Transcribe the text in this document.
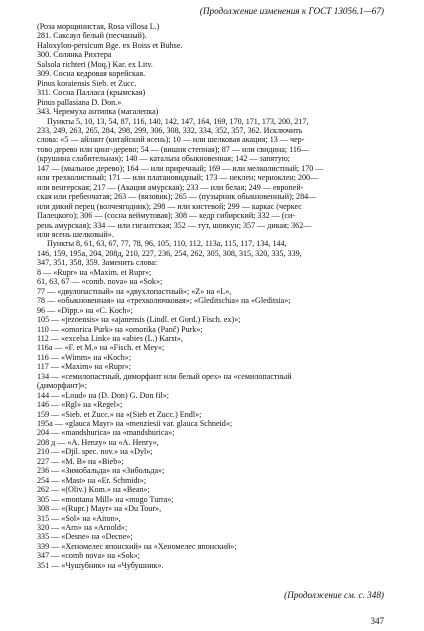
(Продолжение изменения к ГОСТ 13056.1—67)
(Роза морщинистая, Rosa villosa L.)
281. Саксаул белый (песчаный).
Haloxylon-persicum Bge. ex Boiss et Buhse.
300. Солянка Рихтера
Salsola richteri (Moq.) Kar. ex Litv.
309. Сосна кедровая корейская.
Pinus koraiensis Sieb. et Zucc.
311. Сосна Палласа (крымская)
Pinus pallasiana D. Don.»
343. Черемуха антипка (магалепка)
Пункты 5, 10, 13, 54, 87, 116, 140, 142, 147, 164, 169, 170, 171, 173, 200, 217,
233, 249, 263, 265, 284, 298, 299, 306, 308, 332, 334, 352, 357, 362. Исключить
слова: «5 — айлант (китайский ясень); 10 — или шелковая акация; 13 — чер-
тово дерево или цинг-дерево; 54 — (вишня степная); 87 — или свидина; 116—
(крушина слабительная); 140 — катальпа обыкновенная; 142 — запятую;
147 — (мыльное дерево); 164 — или приречный; 169 — или мелколистный; 170 —
или трехколистный; 171 — или платановидный; 173 — неклен; черноклен; 200—
или венгерская; 217 — (Акация амурская); 233 — или белая; 249 — европей-
ская или гребенчатая; 263 — (вязовик); 265 — (пузырник обыкновенный); 284—
или дикий перец (волчеягодник); 298 — или кистевой; 299 — каркас (черкес
Палецкого); 306 — (сосна веймутовая); 308 — кедр сибирский; 332 — (си-
рень амурская); 334 — или гигантская; 352 — тут, шовкун; 357 — дикая; 362—
или ясень шелковый».
Пункты 8, 61, 63, 67, 77, 78, 96, 105, 110, 112, 113а, 115, 117, 134, 144,
146, 159, 195а, 204, 208д, 210, 227, 236, 254, 262, 305, 308, 315, 320, 335, 339,
347, 351, 358, 359. Заменить слова:
8 — «Ruрr» на «Maxim. et Ruрr»;
61, 63, 67 — «comb. nova» на «Sok»;
77 — «двулопастный» на «двухлопастный»; «Z» на «L»,
78 — «обыкновенная» на «трехколючковая»; «Gleditschia» на «Gleditsia»;
96 — «Dipp.» на «C. Koch»;
105 — «jezoensis» на «ajanensis (Lindl. et Gord.) Fisch. ex)»;
110 — «omorica Purk» на «omorika (Panč) Purk»;
112 — «excelsa Link» на «abies (L.) Karst»,
116а — «F. et M.» на «Fisch. et Mey»;
116 — «Wimm» на «Koch»;
117 — «Maxim» на «Ruрr»;
134 — «семилопастный, диморфант или белый орех» на «семилопастный
(диморфант)»;
144 — «Loud» на (D. Don) G. Don fil»;
146 — «Rgl» на «Regel»;
159 — «Sieb. et Zucc.» на «(Sieb et Zucc.) Endl»;
195а — «glauca Mayr» на «menziesii var. glauca Schneid»;
204 — «mandshurica» на «mandshurica»;
208 д — «A. Henzy» на «A. Henry»,
210 — «Djil. spec. nov.» на «Dyl»;
227 — «M. B» на «Bieb»;
236 — «Зимобальда» на «Зибольда»;
254 — «Mast» на «Er. Schmidt»;
262 — «(Oliv.) Kom.» на «Bean»;
305 — «montana Mill» на «mugo Turra»;
308 — «(Ruрr.) Mayr» на «Du Tour»,
315 — «Sol» на «Aiton»,
320 — «Arn» на «Arnold»;
335 — «Desne» на «Decne»;
339 — «Хеномелес японский» на «Хеномелес японский»;
347 — «comb nova» на «Sok»;
351 — «Чушубник» на «Чубушник».
(Продолжение см. с. 348)
347
